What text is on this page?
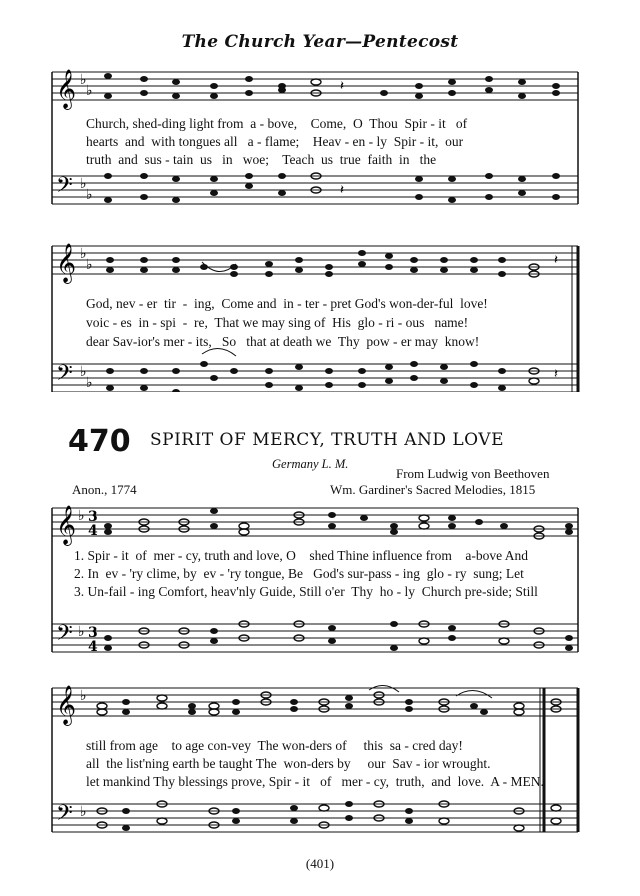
The Church Year—Pentecost
𝄞
𝄢
♭
♭
♭
♭
𝄽
𝄽
Church, shed-ding light from  a - bove,    Come,  O  Thou  Spir - it   of
hearts  and  with tongues all   a - flame;    Heav - en - ly  Spir - it,  our
truth  and  sus - tain  us   in   woe;    Teach  us  true  faith  in   the
𝄞
𝄢
♭
♭
♭
♭
𝄽
𝄽
God, nev - er  tir  -  ing,  Come and  in - ter - pret God's won-der-ful  love!
voic - es  in - spi  -  re,  That we may sing of  His  glo - ri - ous   name!
dear Sav-ior's mer - its,   So   that at death we  Thy  pow - er may  know!
470 SPIRIT OF MERCY, TRUTH AND LOVE
Germany L. M.
From Ludwig von Beethoven
Anon., 1774	Wm. Gardiner's Sacred Melodies, 1815
𝄞
𝄢
♭
♭
3
4
3
4
1. Spir - it  of  mer - cy, truth and love, O    shed Thine influence from    a-bove And
2. In  ev - 'ry clime, by  ev - 'ry tongue, Be   God's sur-pass - ing  glo - ry  sung; Let
3. Un-fail - ing Comfort, heav'nly Guide, Still o'er  Thy  ho - ly  Church pre-side; Still
𝄞
𝄢
♭
♭
still from age    to age con-vey  The won-ders of     this  sa - cred day!
all  the list'ning earth be taught The  won-ders by     our  Sav - ior wrought.
let mankind Thy blessings prove, Spir - it   of   mer - cy,  truth,  and  love.  A - MEN.
(401)
